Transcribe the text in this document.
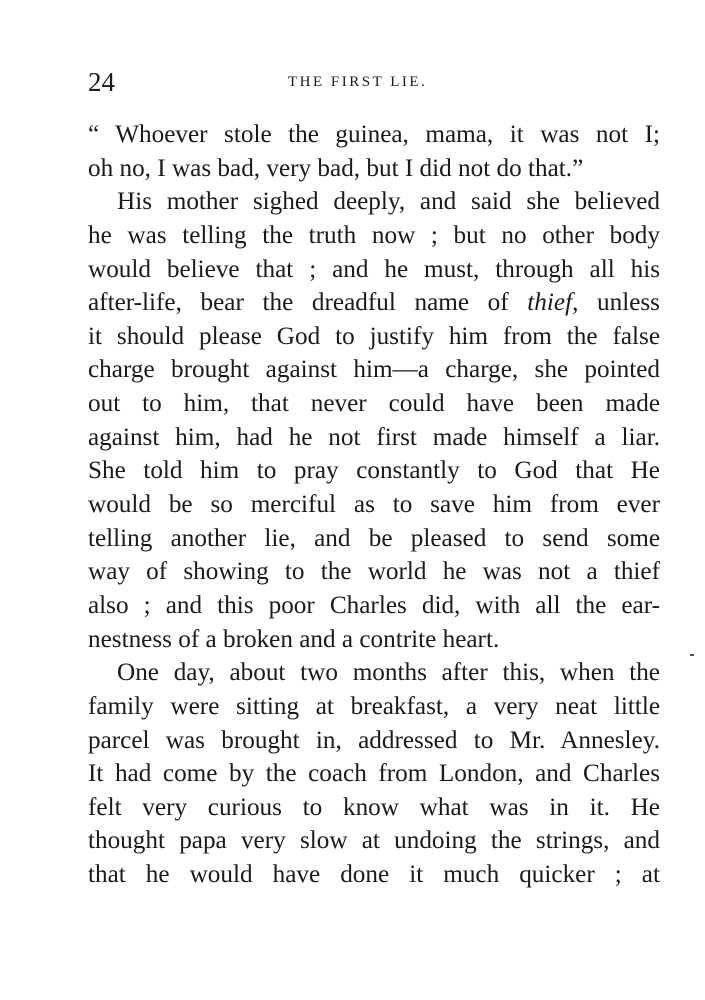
24	THE FIRST LIE.
“ Whoever stole the guinea, mama, it was not I;
oh no, I was bad, very bad, but I did not do that.”
His mother sighed deeply, and said she believed
he was telling the truth now ; but no other body
would believe that ; and he must, through all his
after-life, bear the dreadful name of thief, unless
it should please God to justify him from the false
charge brought against him—a charge, she pointed
out to him, that never could have been made
against him, had he not first made himself a liar.
She told him to pray constantly to God that He
would be so merciful as to save him from ever
telling another lie, and be pleased to send some
way of showing to the world he was not a thief
also ; and this poor Charles did, with all the ear-
nestness of a broken and a contrite heart.
One day, about two months after this, when the
family were sitting at breakfast, a very neat little
parcel was brought in, addressed to Mr. Annesley.
It had come by the coach from London, and Charles
felt very curious to know what was in it. He
thought papa very slow at undoing the strings, and
that he would have done it much quicker ; at
